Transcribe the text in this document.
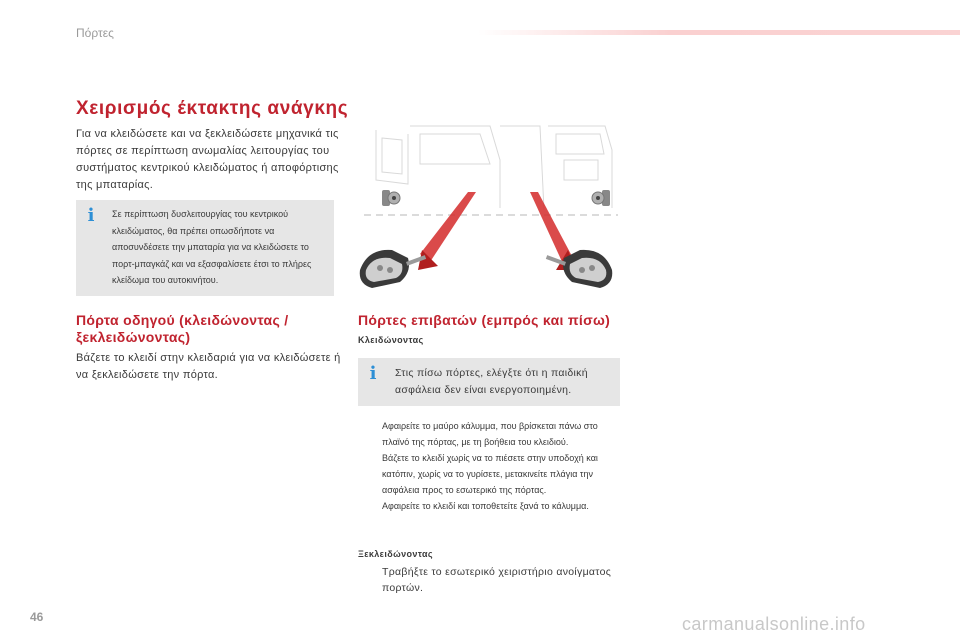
Πόρτες
Χειρισμός έκτακτης ανάγκης
Για να κλειδώσετε και να ξεκλειδώσετε μηχανικά τις πόρτες σε περίπτωση ανωμαλίας λειτουργίας του συστήματος κεντρικού κλειδώματος ή αποφόρτισης της μπαταρίας.
i Σε περίπτωση δυσλειτουργίας του κεντρικού κλειδώματος, θα πρέπει οπωσδήποτε να αποσυνδέσετε την μπαταρία για να κλειδώσετε το πορτ-μπαγκάζ και να εξασφαλίσετε έτσι το πλήρες κλείδωμα του αυτοκινήτου.
Πόρτα οδηγού (κλειδώνοντας / ξεκλειδώνοντας)
Βάζετε το κλειδί στην κλειδαριά για να κλειδώσετε ή να ξεκλειδώσετε την πόρτα.
Πόρτες επιβατών (εμπρός και πίσω)
Κλειδώνοντας
i Στις πίσω πόρτες, ελέγξτε ότι η παιδική ασφάλεια δεν είναι ενεργοποιημένη.
Αφαιρείτε το μαύρο κάλυμμα, που βρίσκεται πάνω στο πλαϊνό της πόρτας, με τη βοήθεια του κλειδιού.
Βάζετε το κλειδί χωρίς να το πιέσετε στην υποδοχή και κατόπιν, χωρίς να το γυρίσετε, μετακινείτε πλάγια την ασφάλεια προς το εσωτερικό της πόρτας.
Αφαιρείτε το κλειδί και τοποθετείτε ξανά το κάλυμμα.
Ξεκλειδώνοντας
Τραβήξτε το εσωτερικό χειριστήριο ανοίγματος πορτών.
46	carmanualsonline.info
